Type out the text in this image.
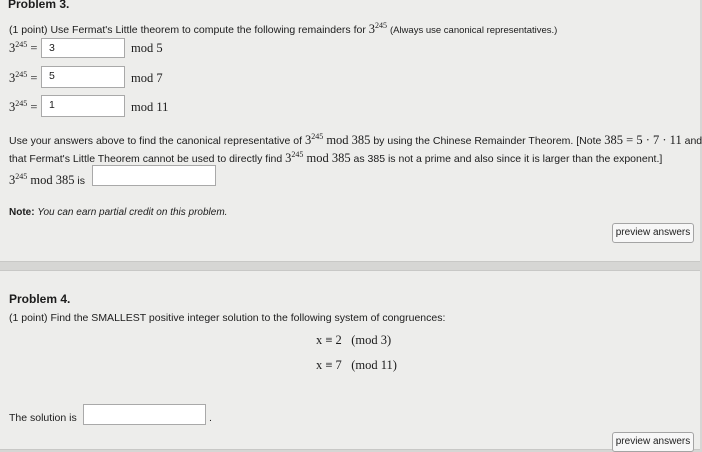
Problem 3.
(1 point) Use Fermat's Little theorem to compute the following remainders for $3^{245}$ (Always use canonical representatives.)
$3^{245}$ =	3	mod 5
$3^{245}$ =	5	mod 7
$3^{245}$ =	1	mod 11
Use your answers above to find the canonical representative of $3^{245}$ mod 385 by using the Chinese Remainder Theorem. [Note 385 = 5 · 7 · 11 and
that Fermat's Little Theorem cannot be used to directly find $3^{245}$ mod 385 as 385 is not a prime and also since it is larger than the exponent.]
$3^{245}$ mod 385 is
Note: You can earn partial credit on this problem.
preview answers
Problem 4.
(1 point) Find the SMALLEST positive integer solution to the following system of congruences:
x ≡ 2 (mod 3)
x ≡ 7 (mod 11)
The solution is	.
preview answers
